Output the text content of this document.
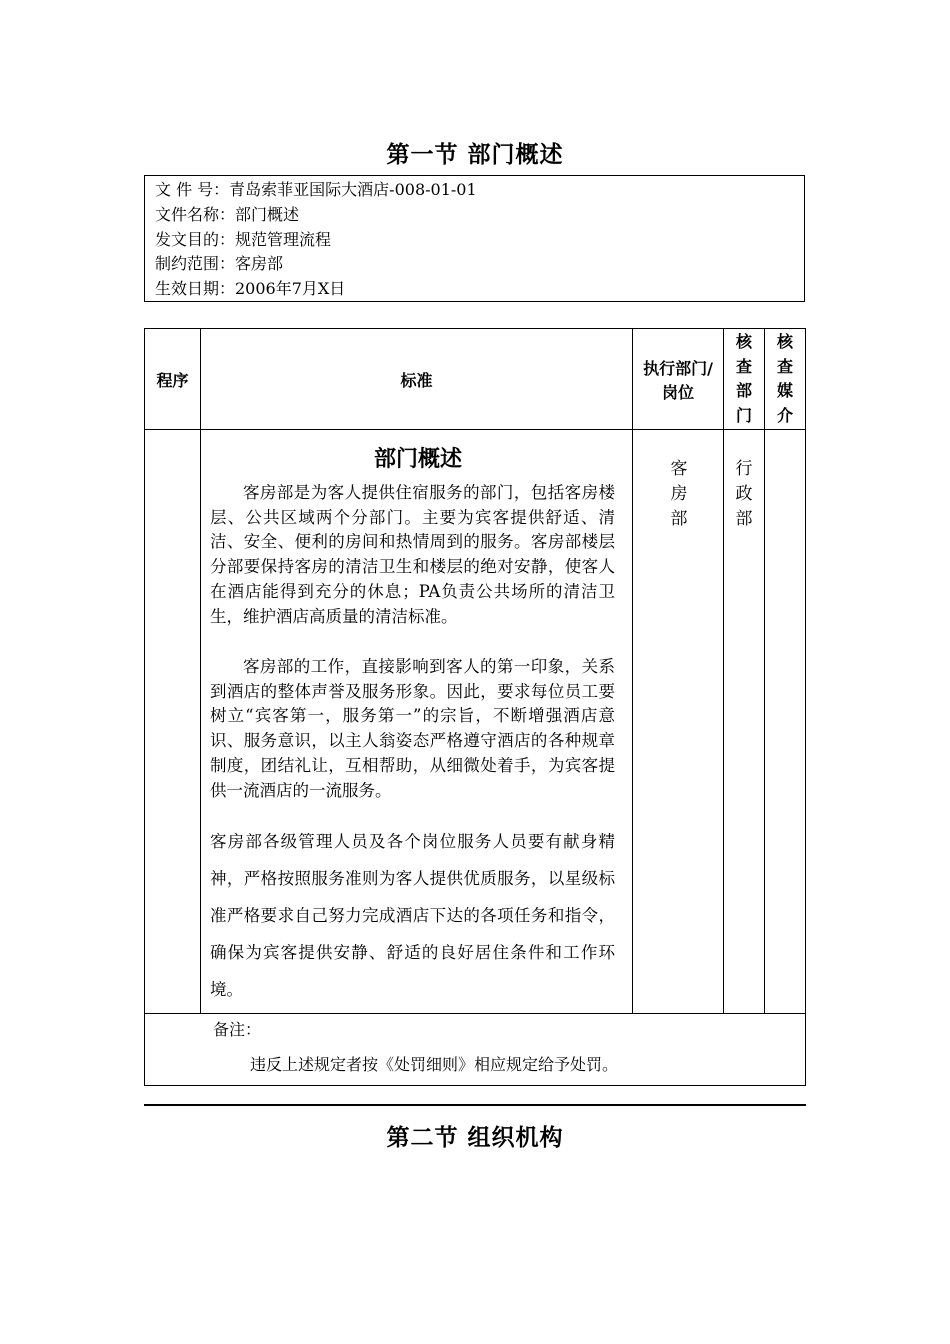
第一节 部门概述
文 件 号：青岛索菲亚国际大酒店-008-01-01
文件名称：部门概述
发文目的：规范管理流程
制约范围：客房部
生效日期：2006年7月X日
程序	标准
执行部门/岗位
核查部门
核查媒介
部门概述
客房部是为客人提供住宿服务的部门，包括客房楼层、公共区域两个分部门。主要为宾客提供舒适、清洁、安全、便利的房间和热情周到的服务。客房部楼层分部要保持客房的清洁卫生和楼层的绝对安静，使客人在酒店能得到充分的休息；PA负责公共场所的清洁卫生，维护酒店高质量的清洁标准。
客房部的工作，直接影响到客人的第一印象，关系到酒店的整体声誉及服务形象。因此，要求每位员工要树立“宾客第一，服务第一”的宗旨，不断增强酒店意识、服务意识，以主人翁姿态严格遵守酒店的各种规章制度，团结礼让，互相帮助，从细微处着手，为宾客提供一流酒店的一流服务。
客房部各级管理人员及各个岗位服务人员要有献身精神，严格按照服务准则为客人提供优质服务，以星级标准严格要求自己努力完成酒店下达的各项任务和指令，确保为宾客提供安静、舒适的良好居住条件和工作环境。
客房部
行政部
备注：
违反上述规定者按《处罚细则》相应规定给予处罚。
第二节 组织机构
